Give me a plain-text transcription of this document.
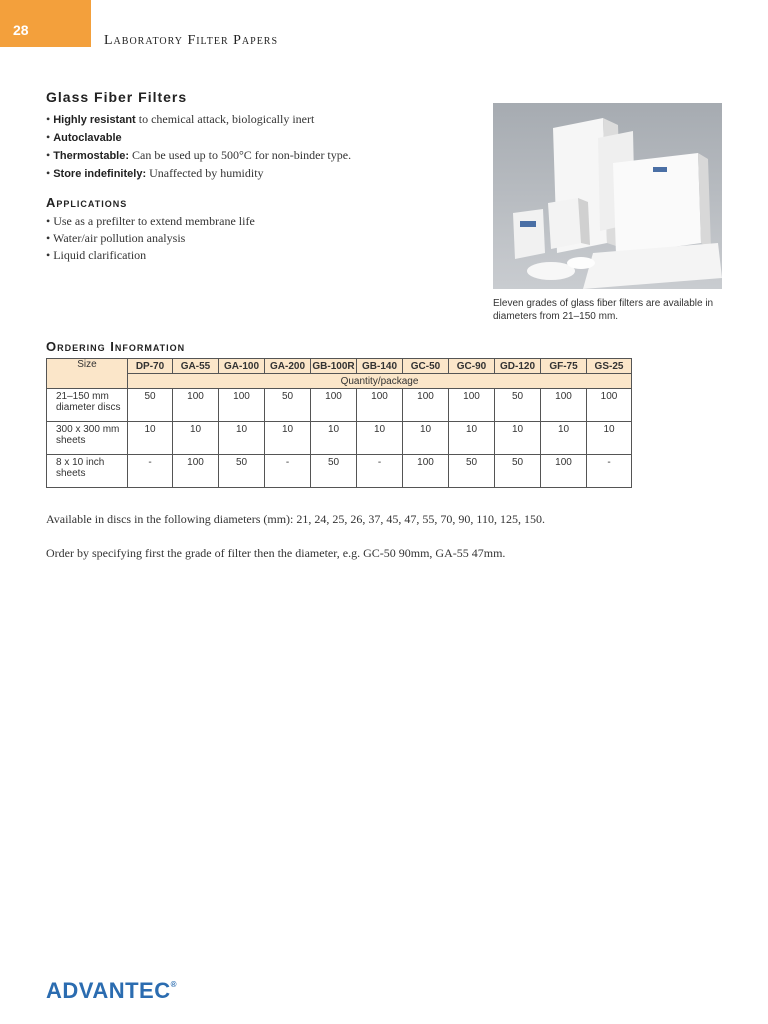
28
Laboratory Filter Papers
Glass Fiber Filters
• Highly resistant to chemical attack, biologically inert
• Autoclavable
• Thermostable: Can be used up to 500°C for non-binder type.
• Store indefinitely: Unaffected by humidity
Applications
• Use as a prefilter to extend membrane life
• Water/air pollution analysis
• Liquid clarification
Eleven grades of glass fiber filters are available in diameters from 21–150 mm.
Ordering Information
Size	DP-70	GA-55	GA-100	GA-200	GB-100R	GB-140	GC-50	GC-90	GD-120	GF-75	GS-25
	Quantity/package										
21–150 mm diameter discs	50	100	100	50	100	100	100	100	50	100	100
300 x 300 mm sheets	10	10	10	10	10	10	10	10	10	10	10
8 x 10 inch sheets	-	100	50	-	50	-	100	50	50	100	-
Available in discs in the following diameters (mm): 21, 24, 25, 26, 37, 45, 47, 55, 70, 90, 110, 125, 150.
Order by specifying first the grade of filter then the diameter, e.g. GC-50 90mm, GA-55 47mm.
ADVANTEC®
